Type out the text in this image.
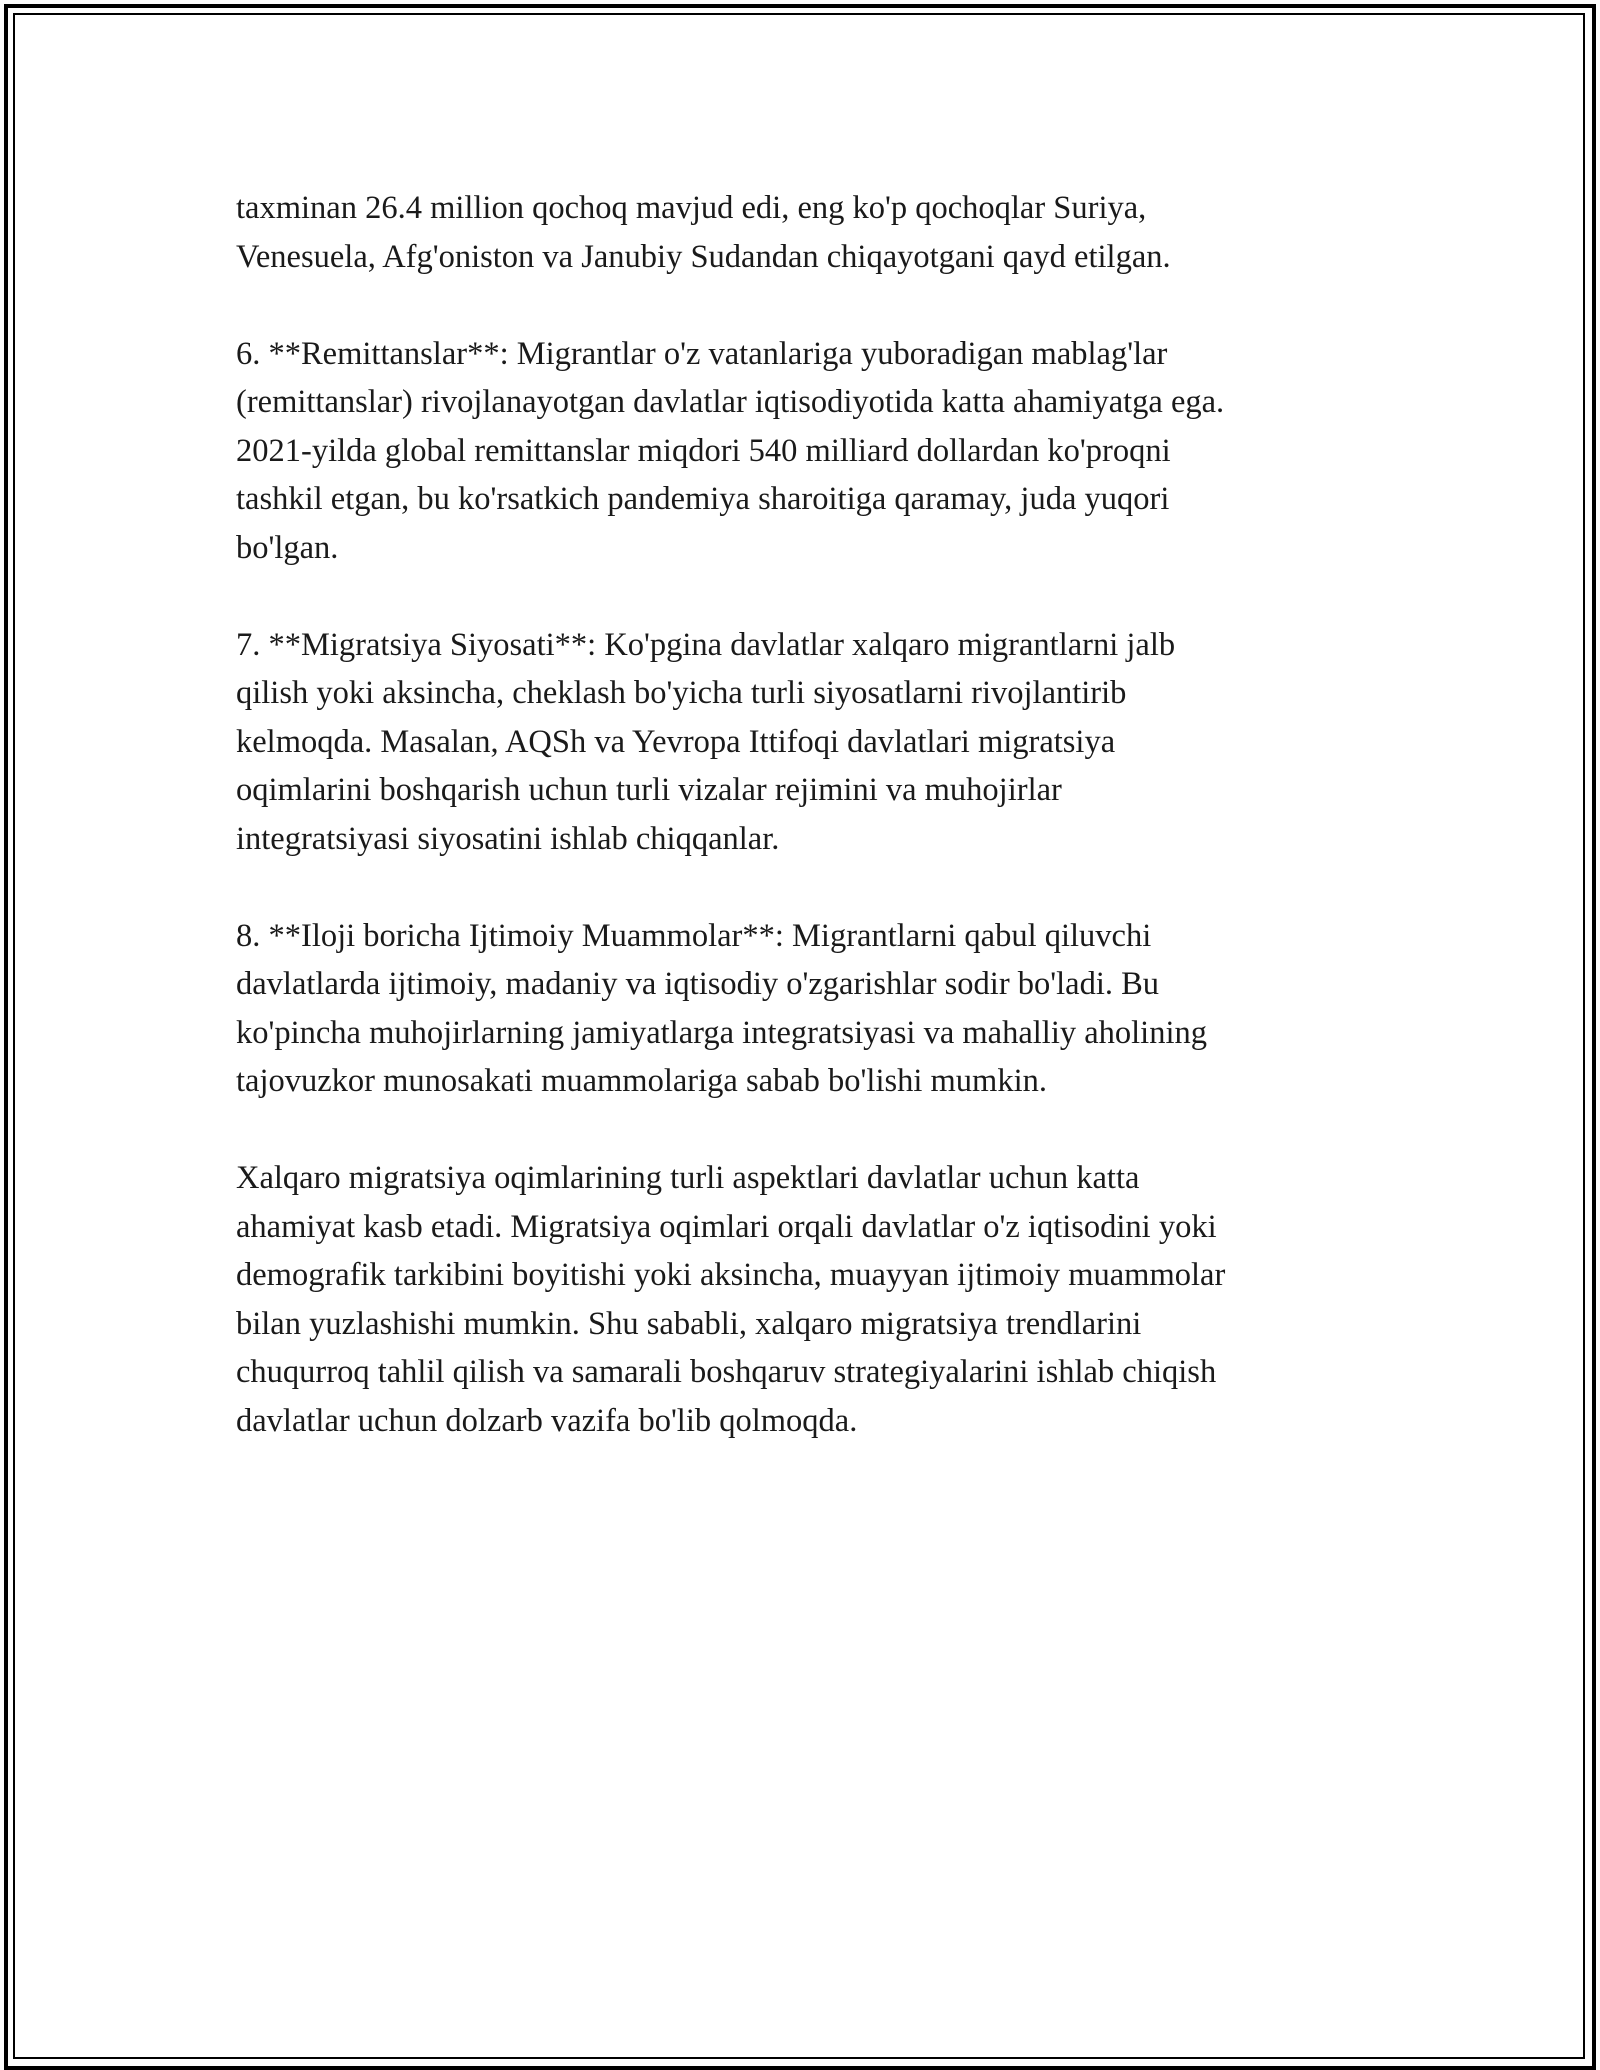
taxminan 26.4 million qochoq mavjud edi, eng ko'p qochoqlar Suriya,
Venesuela, Afg'oniston va Janubiy Sudandan chiqayotgani qayd etilgan.

6. **Remittanslar**: Migrantlar o'z vatanlariga yuboradigan mablag'lar
(remittanslar) rivojlanayotgan davlatlar iqtisodiyotida katta ahamiyatga ega.
2021-yilda global remittanslar miqdori 540 milliard dollardan ko'proqni
tashkil etgan, bu ko'rsatkich pandemiya sharoitiga qaramay, juda yuqori
bo'lgan.

7. **Migratsiya Siyosati**: Ko'pgina davlatlar xalqaro migrantlarni jalb
qilish yoki aksincha, cheklash bo'yicha turli siyosatlarni rivojlantirib
kelmoqda. Masalan, AQSh va Yevropa Ittifoqi davlatlari migratsiya
oqimlarini boshqarish uchun turli vizalar rejimini va muhojirlar
integratsiyasi siyosatini ishlab chiqqanlar.

8. **Iloji boricha Ijtimoiy Muammolar**: Migrantlarni qabul qiluvchi
davlatlarda ijtimoiy, madaniy va iqtisodiy o'zgarishlar sodir bo'ladi. Bu
ko'pincha muhojirlarning jamiyatlarga integratsiyasi va mahalliy aholining
tajovuzkor munosakati muammolariga sabab bo'lishi mumkin.

Xalqaro migratsiya oqimlarining turli aspektlari davlatlar uchun katta
ahamiyat kasb etadi. Migratsiya oqimlari orqali davlatlar o'z iqtisodini yoki
demografik tarkibini boyitishi yoki aksincha, muayyan ijtimoiy muammolar
bilan yuzlashishi mumkin. Shu sababli, xalqaro migratsiya trendlarini
chuqurroq tahlil qilish va samarali boshqaruv strategiyalarini ishlab chiqish
davlatlar uchun dolzarb vazifa bo'lib qolmoqda.
